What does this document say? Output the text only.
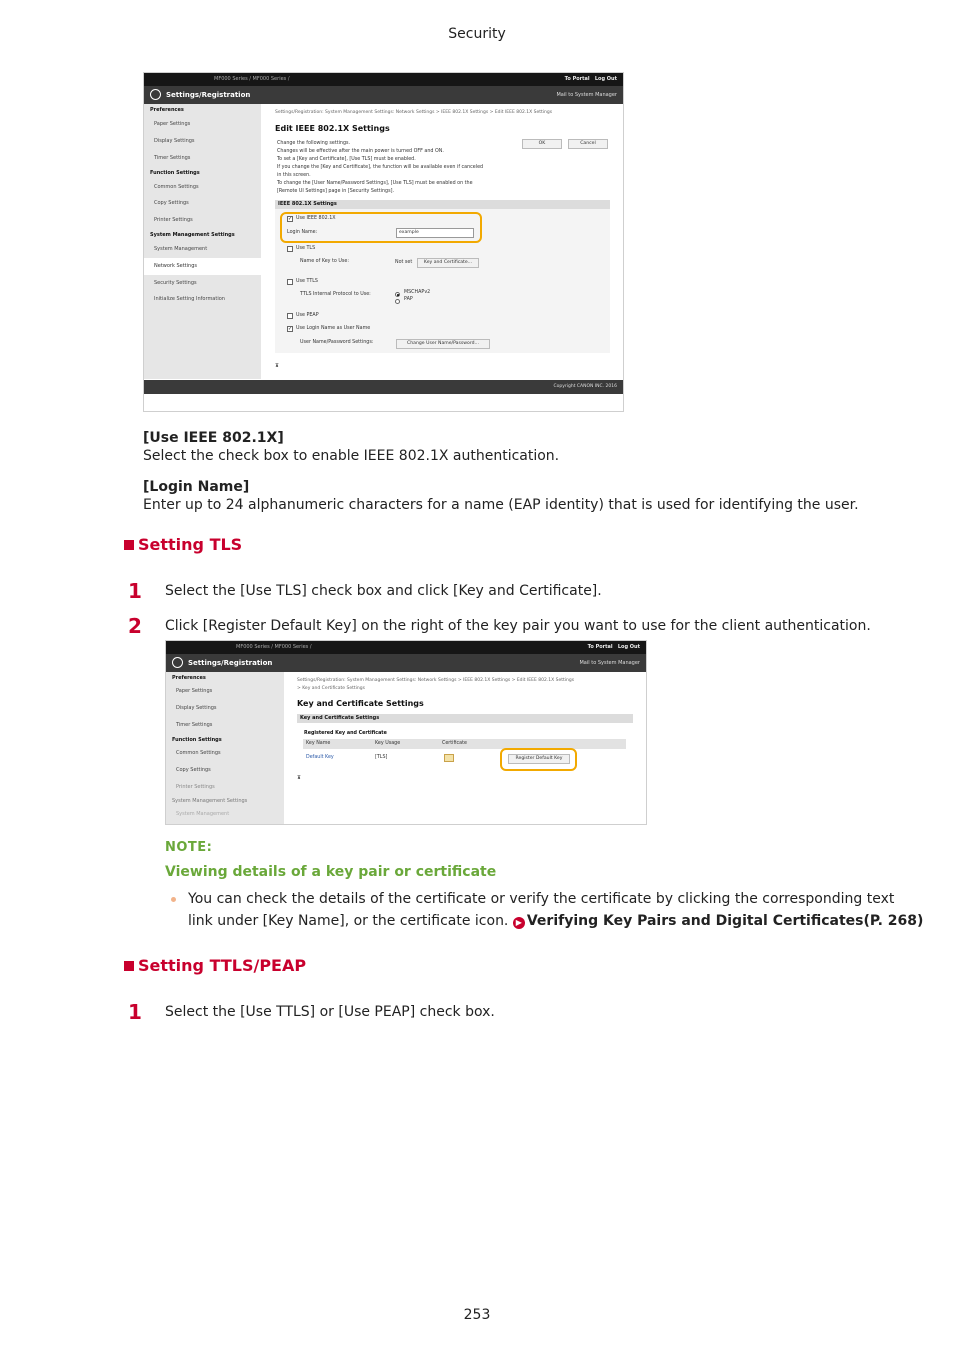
Security
MF000 Series / MF000 Series /	To Portal Log Out
Settings/Registration	Mail to System Manager
Preferences
Paper Settings
Display Settings
Timer Settings
Function Settings
Common Settings
Copy Settings
Printer Settings
System Management Settings
System Management
Network Settings
Security Settings
Initialize Setting Information
Settings/Registration: System Management Settings: Network Settings > IEEE 802.1X Settings > Edit IEEE 802.1X Settings
Edit IEEE 802.1X Settings
Change the following settings.
Changes will be effective after the main power is turned OFF and ON.
To set a [Key and Certificate], [Use TLS] must be enabled.
If you change the [Key and Certificate], the function will be available even if canceled
in this screen.
To change the [User Name/Password Settings], [Use TLS] must be enabled on the
[Remote UI Settings] page in [Security Settings].
OK	Cancel
IEEE 802.1X Settings
✓ Use IEEE 802.1X
Login Name:	example
Use TLS
Name of Key to Use:	Not set	Key and Certificate...
Use TTLS
TTLS Internal Protocol to Use:	MSCHAPv2
PAP
Use PEAP
✓ Use Login Name as User Name
User Name/Password Settings:	Change User Name/Password...
⊼
Copyright CANON INC. 2016
[Use IEEE 802.1X]
Select the check box to enable IEEE 802.1X authentication.
[Login Name]
Enter up to 24 alphanumeric characters for a name (EAP identity) that is used for identifying the user.
Setting TLS
1 Select the [Use TLS] check box and click [Key and Certificate].
2 Click [Register Default Key] on the right of the key pair you want to use for the client authentication.
MF000 Series / MF000 Series /	To Portal Log Out
Settings/Registration	Mail to System Manager
Preferences
Paper Settings
Display Settings
Timer Settings
Function Settings
Common Settings
Copy Settings
Printer Settings
System Management Settings
System Management
Settings/Registration: System Management Settings: Network Settings > IEEE 802.1X Settings > Edit IEEE 802.1X Settings
> Key and Certificate Settings
Key and Certificate Settings
Key and Certificate Settings
Registered Key and Certificate
Key Name	Key Usage	Certificate
Default Key	[TLS]	Register Default Key
⊼
NOTE:
Viewing details of a key pair or certificate
You can check the details of the certificate or verify the certificate by clicking the corresponding text
link under [Key Name], or the certificate icon. ▶ Verifying Key Pairs and Digital Certificates(P. 268)
Setting TTLS/PEAP
1 Select the [Use TTLS] or [Use PEAP] check box.
253
